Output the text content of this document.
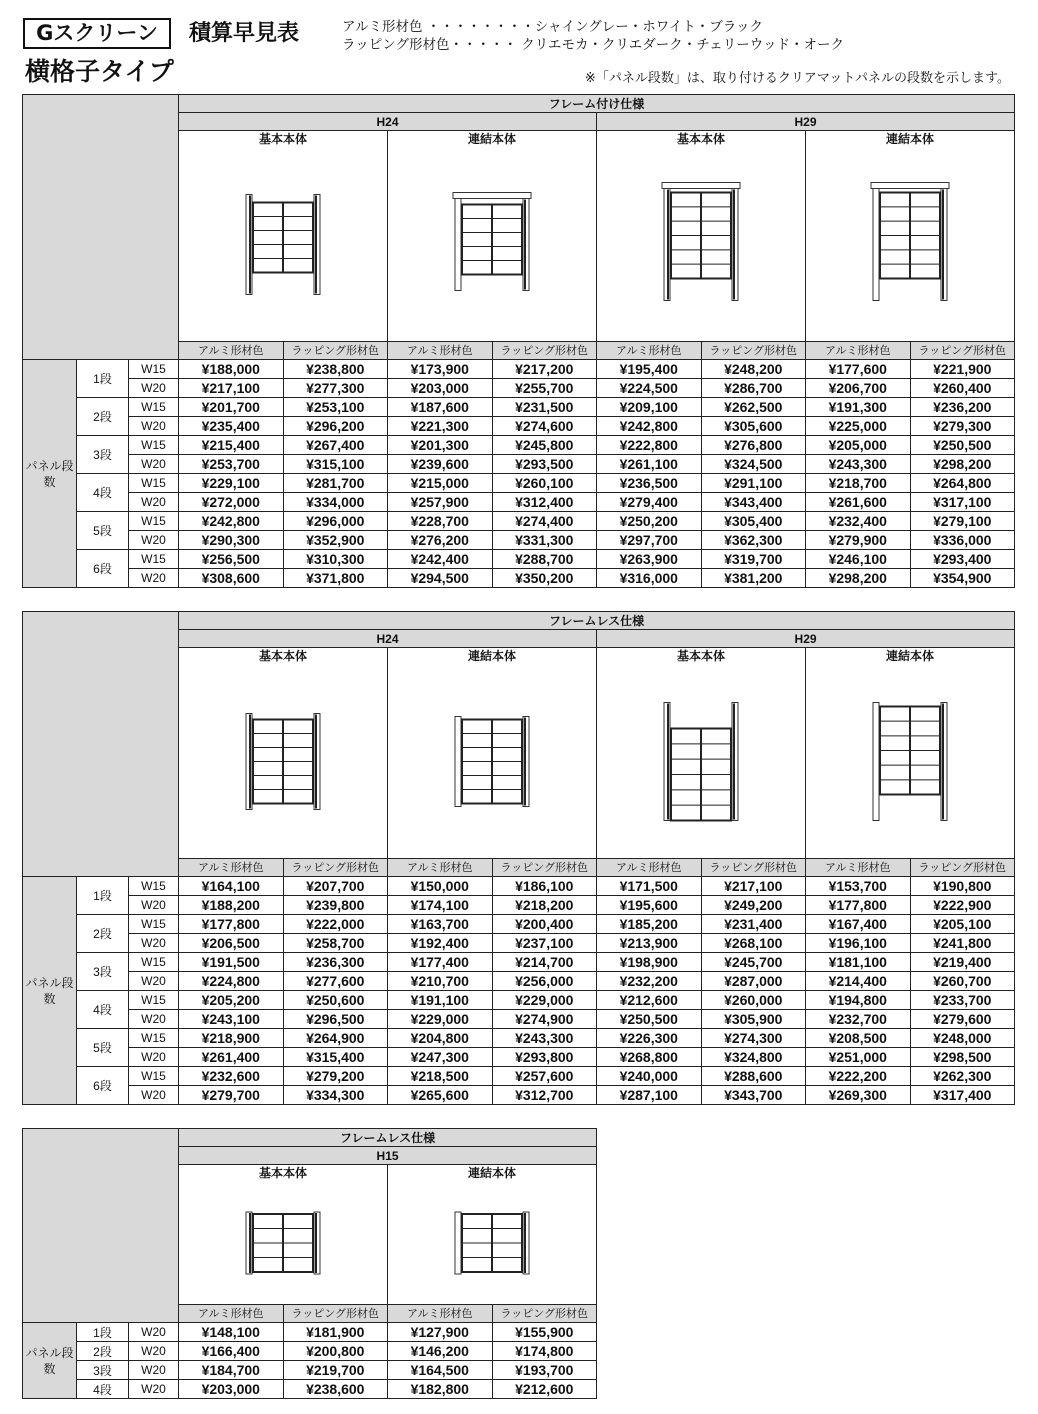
Gスクリーン	積算早見表
横格子タイプ
アルミ形材色 ・・・・・・・・シャイングレー・ホワイト・ブラック
ラッピング形材色・・・・・ クリエモカ・クリエダーク・チェリーウッド・オーク
※「パネル段数」は、取り付けるクリアマットパネルの段数を示します。
			フレーム付け仕様							
			H24				H29			
			基本本体		連結本体		基本本体		連結本体	

			アルミ形材色	ラッピング形材色	アルミ形材色	ラッピング形材色	アルミ形材色	ラッピング形材色	アルミ形材色	ラッピング形材色
パネル段数	1段	W15	¥188,000	¥238,800	¥173,900	¥217,200	¥195,400	¥248,200	¥177,600	¥221,900
		W20	¥217,100	¥277,300	¥203,000	¥255,700	¥224,500	¥286,700	¥206,700	¥260,400
	2段	W15	¥201,700	¥253,100	¥187,600	¥231,500	¥209,100	¥262,500	¥191,300	¥236,200
		W20	¥235,400	¥296,200	¥221,300	¥274,600	¥242,800	¥305,600	¥225,000	¥279,300
	3段	W15	¥215,400	¥267,400	¥201,300	¥245,800	¥222,800	¥276,800	¥205,000	¥250,500
		W20	¥253,700	¥315,100	¥239,600	¥293,500	¥261,100	¥324,500	¥243,300	¥298,200
	4段	W15	¥229,100	¥281,700	¥215,000	¥260,100	¥236,500	¥291,100	¥218,700	¥264,800
		W20	¥272,000	¥334,000	¥257,900	¥312,400	¥279,400	¥343,400	¥261,600	¥317,100
	5段	W15	¥242,800	¥296,000	¥228,700	¥274,400	¥250,200	¥305,400	¥232,400	¥279,100
		W20	¥290,300	¥352,900	¥276,200	¥331,300	¥297,700	¥362,300	¥279,900	¥336,000
	6段	W15	¥256,500	¥310,300	¥242,400	¥288,700	¥263,900	¥319,700	¥246,100	¥293,400
		W20	¥308,600	¥371,800	¥294,500	¥350,200	¥316,000	¥381,200	¥298,200	¥354,900
			フレームレス仕様							
			H24				H29			
			基本本体		連結本体		基本本体		連結本体	

			アルミ形材色	ラッピング形材色	アルミ形材色	ラッピング形材色	アルミ形材色	ラッピング形材色	アルミ形材色	ラッピング形材色
パネル段数	1段	W15	¥164,100	¥207,700	¥150,000	¥186,100	¥171,500	¥217,100	¥153,700	¥190,800
		W20	¥188,200	¥239,800	¥174,100	¥218,200	¥195,600	¥249,200	¥177,800	¥222,900
	2段	W15	¥177,800	¥222,000	¥163,700	¥200,400	¥185,200	¥231,400	¥167,400	¥205,100
		W20	¥206,500	¥258,700	¥192,400	¥237,100	¥213,900	¥268,100	¥196,100	¥241,800
	3段	W15	¥191,500	¥236,300	¥177,400	¥214,700	¥198,900	¥245,700	¥181,100	¥219,400
		W20	¥224,800	¥277,600	¥210,700	¥256,000	¥232,200	¥287,000	¥214,400	¥260,700
	4段	W15	¥205,200	¥250,600	¥191,100	¥229,000	¥212,600	¥260,000	¥194,800	¥233,700
		W20	¥243,100	¥296,500	¥229,000	¥274,900	¥250,500	¥305,900	¥232,700	¥279,600
	5段	W15	¥218,900	¥264,900	¥204,800	¥243,300	¥226,300	¥274,300	¥208,500	¥248,000
		W20	¥261,400	¥315,400	¥247,300	¥293,800	¥268,800	¥324,800	¥251,000	¥298,500
	6段	W15	¥232,600	¥279,200	¥218,500	¥257,600	¥240,000	¥288,600	¥222,200	¥262,300
		W20	¥279,700	¥334,300	¥265,600	¥312,700	¥287,100	¥343,700	¥269,300	¥317,400
			フレームレス仕様			
			H15			
			基本本体		連結本体	

			アルミ形材色	ラッピング形材色	アルミ形材色	ラッピング形材色
パネル段数	1段	W20	¥148,100	¥181,900	¥127,900	¥155,900
	2段	W20	¥166,400	¥200,800	¥146,200	¥174,800
	3段	W20	¥184,700	¥219,700	¥164,500	¥193,700
	4段	W20	¥203,000	¥238,600	¥182,800	¥212,600
